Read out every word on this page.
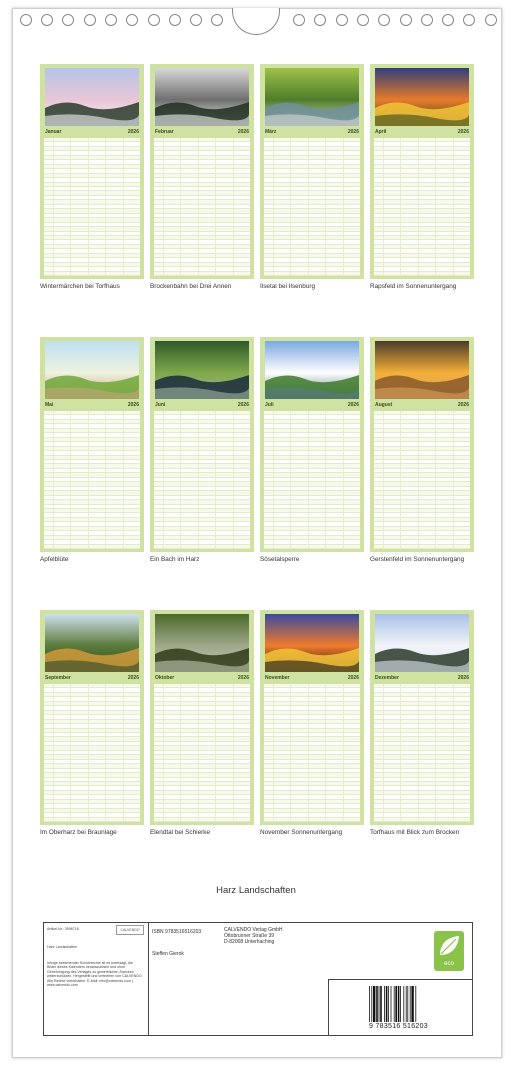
Januar	2026
Wintermärchen bei Torfhaus
Februar	2026
Brockenbahn bei Drei Annen
März	2026
Ilsetal bei Ilsenburg
April	2026
Rapsfeld im Sonnenuntergang
Mai	2026
Apfelblüte
Juni	2026
Ein Bach im Harz
Juli	2026
Sösetalsperre
August	2026
Gerstenfeld im Sonnenuntergang
September	2026
Im Oberharz bei Braunlage
Oktober	2026
Elendtal bei Schierke
November	2026
November Sonnenuntergang
Dezember	2026
Torfhaus mit Blick zum Brocken
Harz Landschaften
Artikel-Nr.: 3596716	CALVENDO
Harz Landschaften
Infolge bestehender Schutzrechte ist es untersagt, die Bilder dieses Kalenders herauszulösen und ohne Genehmigung des Verlages zu gewerblichen Zwecken weiterzunutzen. Hergestellt und vertrieben von CALVENDO. Alle Rechte vorbehalten. E-Mail: info@calvendo.com | www.calvendo.com
ISBN 9783516516203	CALVENDO Verlag GmbH
Ottobrunner Straße 39
D-82008 Unterhaching
Steffen Gierok
9 783516 516203
eco
